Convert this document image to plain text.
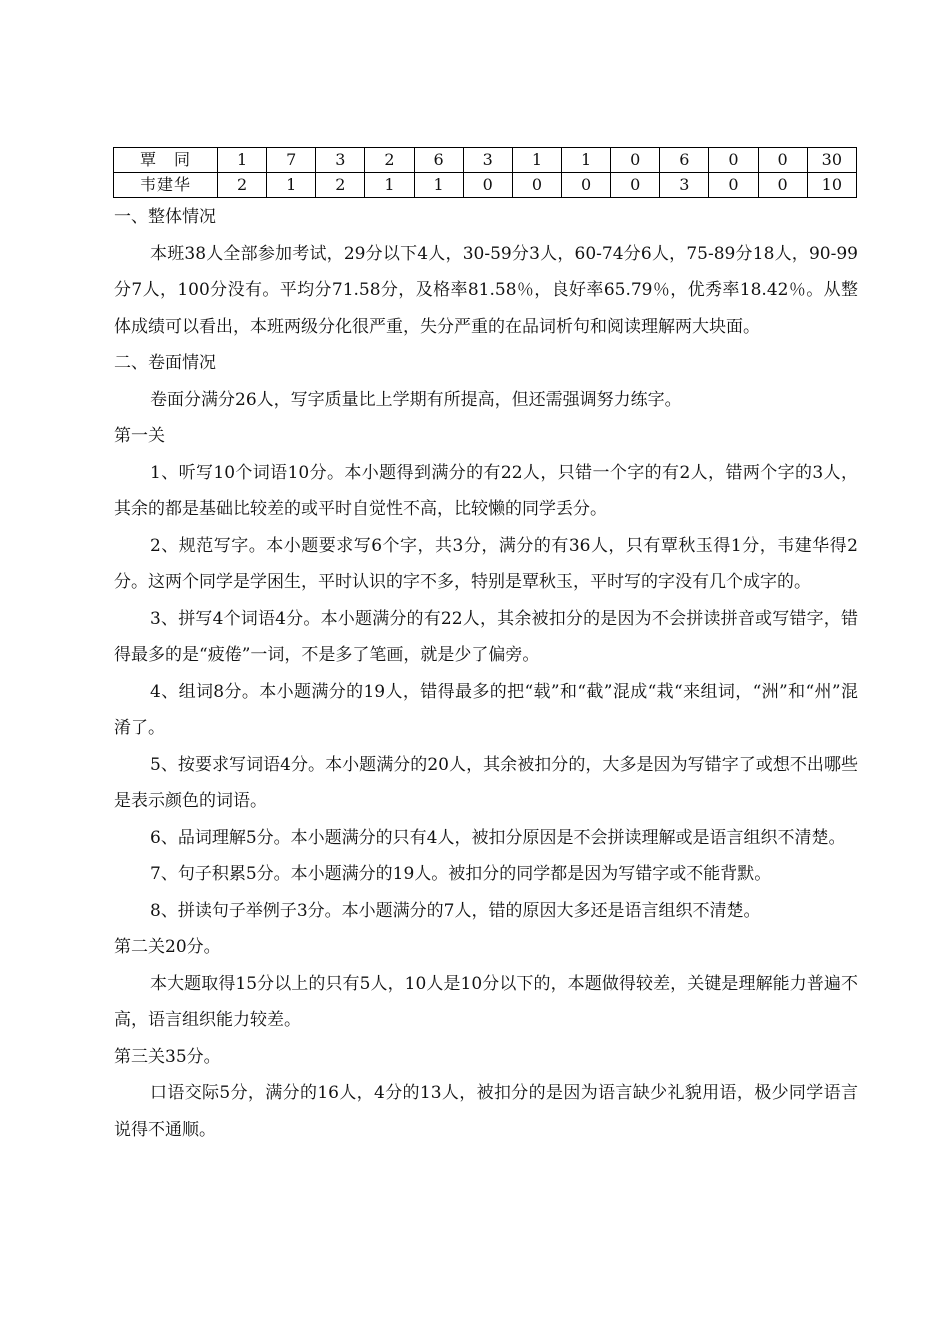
覃　同	1	7	3	2	6	3	1	1	0	6	0	0	30
韦建华	2	1	2	1	1	0	0	0	0	3	0	0	10

一、整体情况

本班38人全部参加考试，29分以下4人，30-59分3人，60-74分6人，75-89分18人，90-99分7人，100分没有。平均分71.58分，及格率81.58％，良好率65.79％，优秀率18.42％。从整体成绩可以看出，本班两级分化很严重，失分严重的在品词析句和阅读理解两大块面。

二、卷面情况

卷面分满分26人，写字质量比上学期有所提高，但还需强调努力练字。

第一关

1、听写10个词语10分。本小题得到满分的有22人，只错一个字的有2人，错两个字的3人，其余的都是基础比较差的或平时自觉性不高，比较懒的同学丢分。

2、规范写字。本小题要求写6个字，共3分，满分的有36人，只有覃秋玉得1分，韦建华得2分。这两个同学是学困生，平时认识的字不多，特别是覃秋玉，平时写的字没有几个成字的。

3、拼写4个词语4分。本小题满分的有22人，其余被扣分的是因为不会拼读拼音或写错字，错得最多的是“疲倦”一词，不是多了笔画，就是少了偏旁。

4、组词8分。本小题满分的19人，错得最多的把“载”和“截”混成“栽“来组词，“洲”和“州”混淆了。

5、按要求写词语4分。本小题满分的20人，其余被扣分的，大多是因为写错字了或想不出哪些是表示颜色的词语。

6、品词理解5分。本小题满分的只有4人，被扣分原因是不会拼读理解或是语言组织不清楚。

7、句子积累5分。本小题满分的19人。被扣分的同学都是因为写错字或不能背默。

8、拼读句子举例子3分。本小题满分的7人，错的原因大多还是语言组织不清楚。

第二关20分。

本大题取得15分以上的只有5人，10人是10分以下的，本题做得较差，关键是理解能力普遍不高，语言组织能力较差。

第三关35分。

口语交际5分，满分的16人，4分的13人，被扣分的是因为语言缺少礼貌用语，极少同学语言说得不通顺。
